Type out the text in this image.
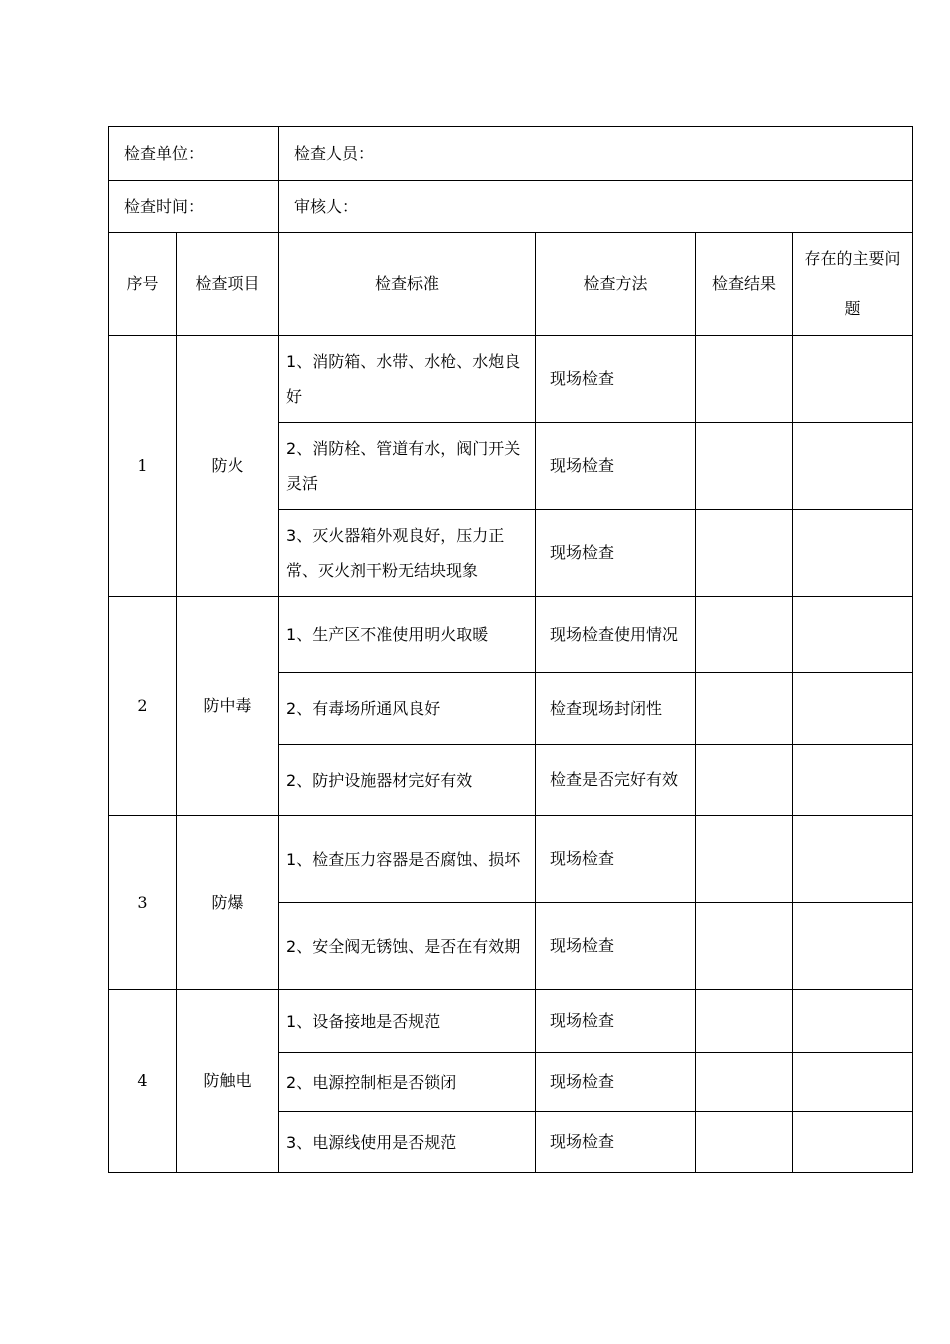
检查单位：		检查人员：			
检查时间：		审核人：			
序号	检查项目	检查标准	检查方法	检查结果	存在的主要问题
1	防火	1、消防箱、水带、水枪、水炮良好	现场检查		
		2、消防栓、管道有水，阀门开关灵活	现场检查		
		3、灭火器箱外观良好，压力正常、灭火剂干粉无结块现象	现场检查		
2	防中毒	1、生产区不准使用明火取暖	现场检查使用情况		
		2、有毒场所通风良好	检查现场封闭性		
		2、防护设施器材完好有效	检查是否完好有效		
3	防爆	1、检查压力容器是否腐蚀、损坏	现场检查		
		2、安全阀无锈蚀、是否在有效期	现场检查		
4	防触电	1、设备接地是否规范	现场检查		
		2、电源控制柜是否锁闭	现场检查		
		3、电源线使用是否规范	现场检查		
